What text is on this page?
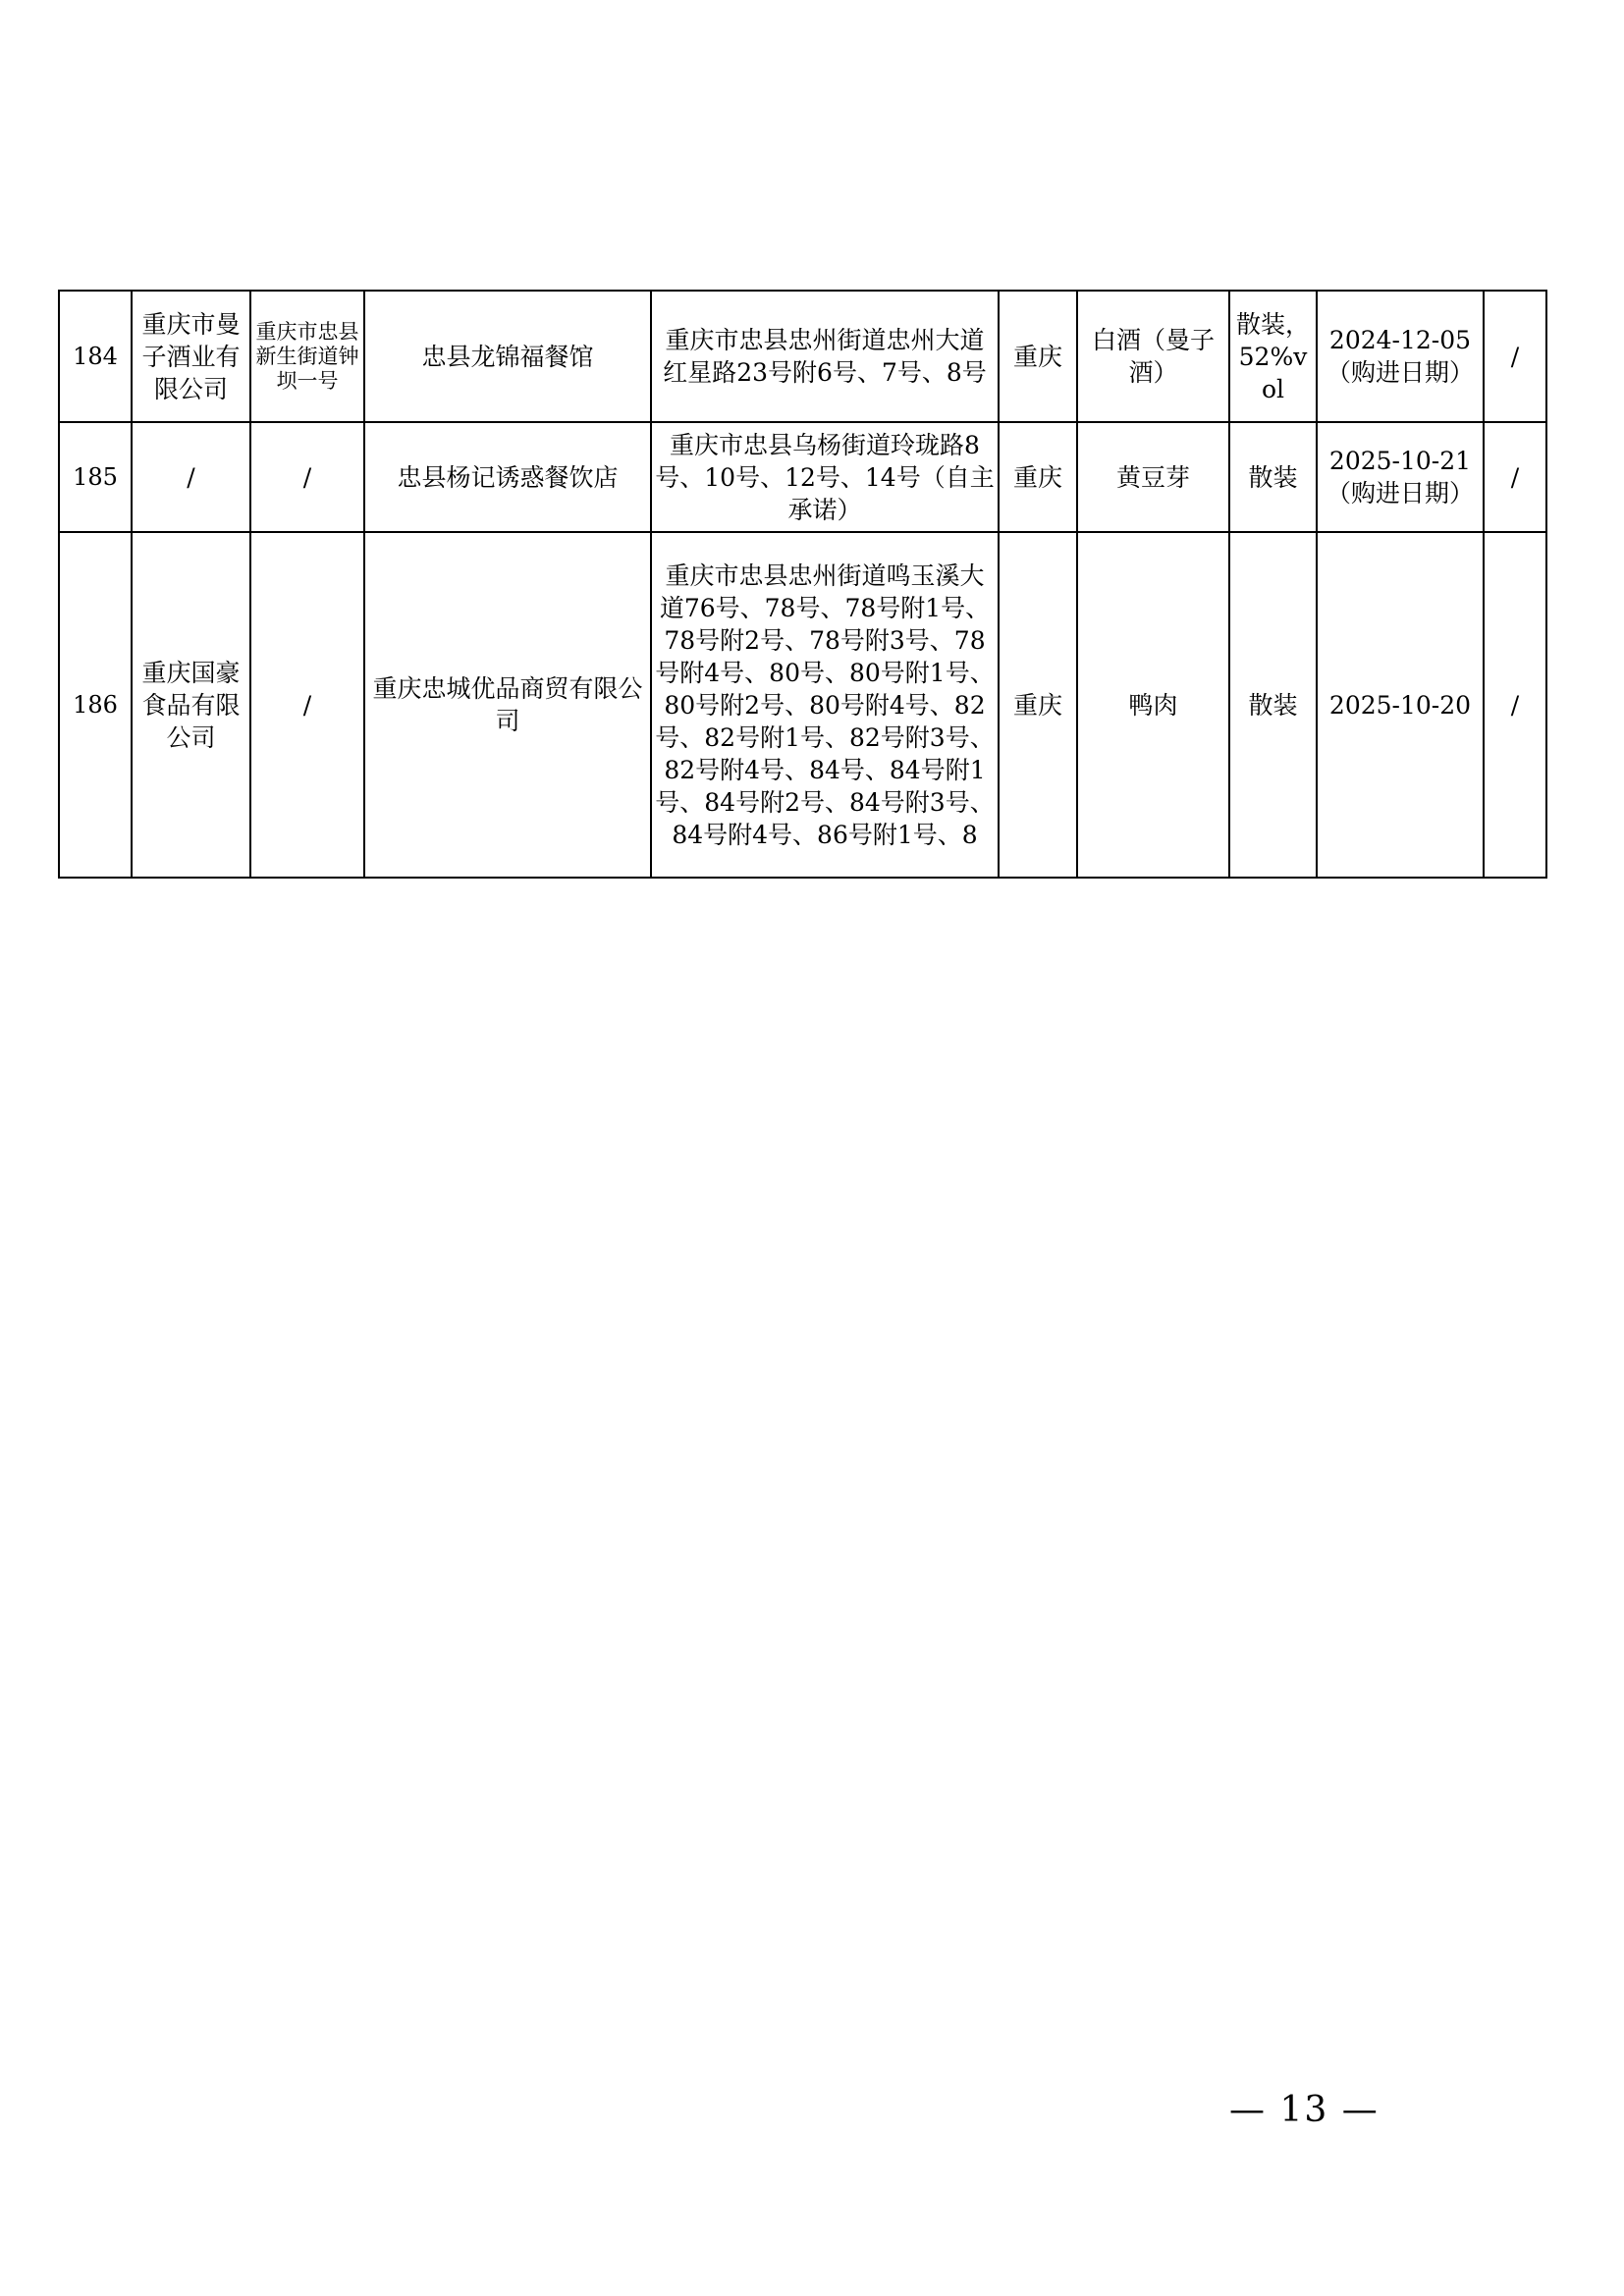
184	重庆市曼子酒业有限公司	重庆市忠县新生街道钟坝一号	忠县龙锦福餐馆	重庆市忠县忠州街道忠州大道红星路23号附6号、7号、8号	重庆	白酒（曼子酒）	散装，52%vol	2024-12-05（购进日期）	/
185	/	/	忠县杨记诱惑餐饮店	重庆市忠县乌杨街道玲珑路8号、10号、12号、14号（自主承诺）	重庆	黄豆芽	散装	2025-10-21（购进日期）	/
186	重庆国豪食品有限公司	/	重庆忠城优品商贸有限公司	重庆市忠县忠州街道鸣玉溪大道76号、78号、78号附1号、78号附2号、78号附3号、78号附4号、80号、80号附1号、80号附2号、80号附4号、82号、82号附1号、82号附3号、82号附4号、84号、84号附1号、84号附2号、84号附3号、84号附4号、86号附1号、8	重庆	鸭肉	散装	2025-10-20	/
— 13 —
